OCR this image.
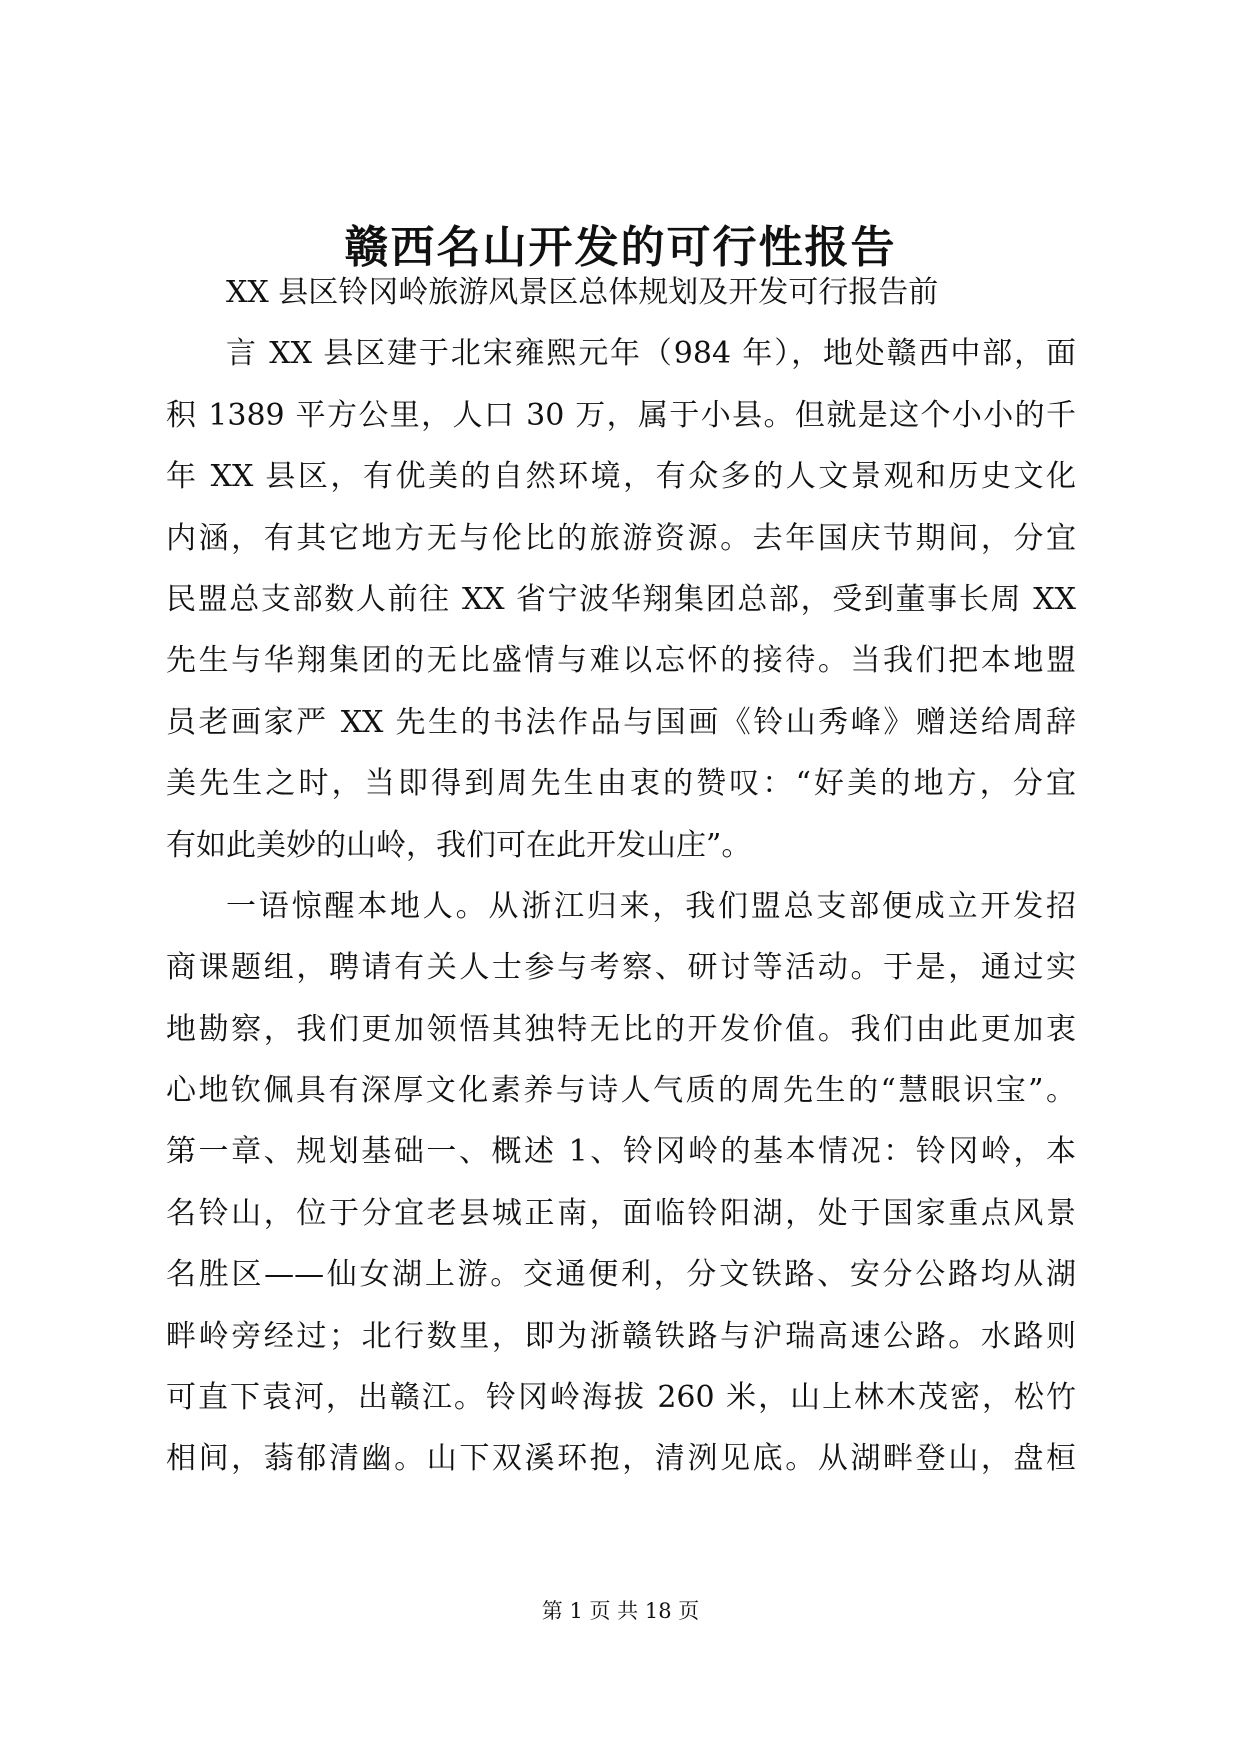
赣西名山开发的可行性报告
XX 县区铃冈岭旅游风景区总体规划及开发可行报告前
言 XX 县区建于北宋雍熙元年（984 年），地处赣西中部，面
积 1389 平方公里，人口 30 万，属于小县。但就是这个小小的千
年 XX 县区，有优美的自然环境，有众多的人文景观和历史文化
内涵，有其它地方无与伦比的旅游资源。去年国庆节期间，分宜
民盟总支部数人前往 XX 省宁波华翔集团总部，受到董事长周 XX
先生与华翔集团的无比盛情与难以忘怀的接待。当我们把本地盟
员老画家严 XX 先生的书法作品与国画《铃山秀峰》赠送给周辞
美先生之时，当即得到周先生由衷的赞叹：“好美的地方，分宜
有如此美妙的山岭，我们可在此开发山庄”。
一语惊醒本地人。从浙江归来，我们盟总支部便成立开发招
商课题组，聘请有关人士参与考察、研讨等活动。于是，通过实
地勘察，我们更加领悟其独特无比的开发价值。我们由此更加衷
心地钦佩具有深厚文化素养与诗人气质的周先生的“慧眼识宝”。
第一章、规划基础一、概述 1、铃冈岭的基本情况：铃冈岭，本
名铃山，位于分宜老县城正南，面临铃阳湖，处于国家重点风景
名胜区——仙女湖上游。交通便利，分文铁路、安分公路均从湖
畔岭旁经过；北行数里，即为浙赣铁路与沪瑞高速公路。水路则
可直下袁河，出赣江。铃冈岭海拔 260 米，山上林木茂密，松竹
相间，蓊郁清幽。山下双溪环抱，清洌见底。从湖畔登山，盘桓
第 1 页 共 18 页
